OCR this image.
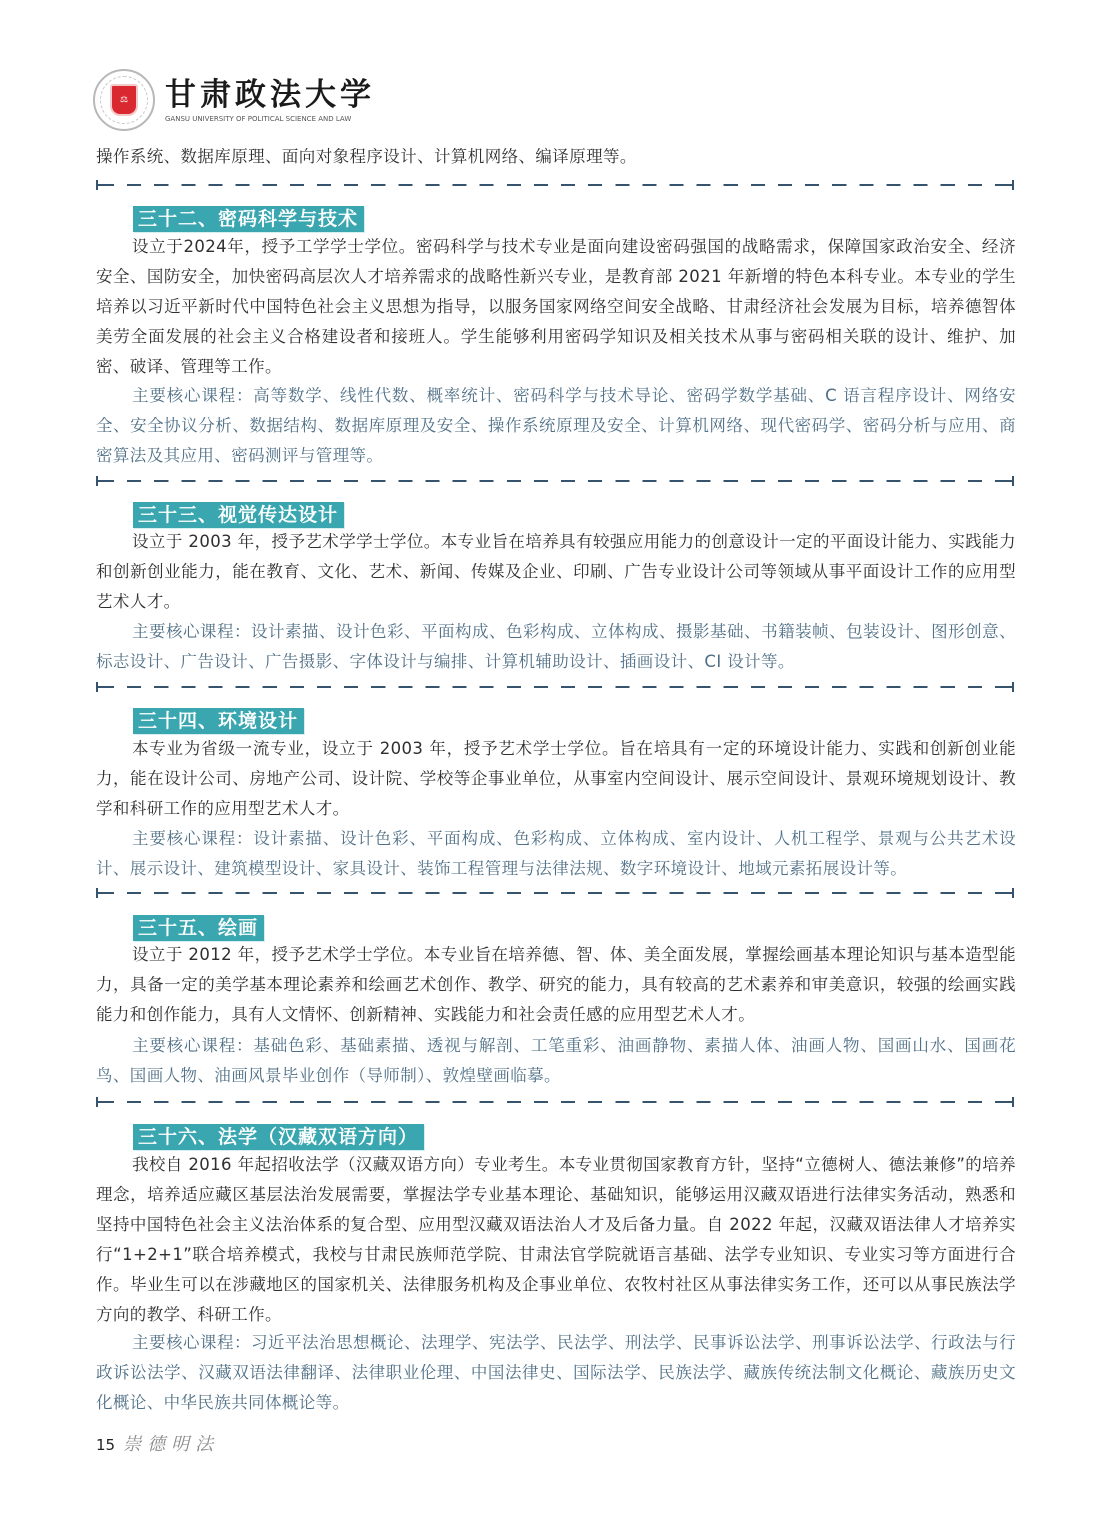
⚖	甘肃政法大学
GANSU UNIVERSITY OF POLITICAL SCIENCE AND LAW
操作系统、数据库原理、面向对象程序设计、计算机网络、编译原理等。
三十二、密码科学与技术
设立于2024年，授予工学学士学位。密码科学与技术专业是面向建设密码强国的战略需求，保障国家政治安全、经济安全、国防安全，加快密码高层次人才培养需求的战略性新兴专业，是教育部 2021 年新增的特色本科专业。本专业的学生培养以习近平新时代中国特色社会主义思想为指导，以服务国家网络空间安全战略、甘肃经济社会发展为目标，培养德智体美劳全面发展的社会主义合格建设者和接班人。学生能够利用密码学知识及相关技术从事与密码相关联的设计、维护、加密、破译、管理等工作。
主要核心课程：高等数学、线性代数、概率统计、密码科学与技术导论、密码学数学基础、C 语言程序设计、网络安全、安全协议分析、数据结构、数据库原理及安全、操作系统原理及安全、计算机网络、现代密码学、密码分析与应用、商密算法及其应用、密码测评与管理等。
三十三、视觉传达设计
设立于 2003 年，授予艺术学学士学位。本专业旨在培养具有较强应用能力的创意设计一定的平面设计能力、实践能力和创新创业能力，能在教育、文化、艺术、新闻、传媒及企业、印刷、广告专业设计公司等领域从事平面设计工作的应用型艺术人才。
主要核心课程：设计素描、设计色彩、平面构成、色彩构成、立体构成、摄影基础、书籍装帧、包装设计、图形创意、标志设计、广告设计、广告摄影、字体设计与编排、计算机辅助设计、插画设计、CI 设计等。
三十四、环境设计
本专业为省级一流专业，设立于 2003 年，授予艺术学士学位。旨在培具有一定的环境设计能力、实践和创新创业能力，能在设计公司、房地产公司、设计院、学校等企事业单位，从事室内空间设计、展示空间设计、景观环境规划设计、教学和科研工作的应用型艺术人才。
主要核心课程：设计素描、设计色彩、平面构成、色彩构成、立体构成、室内设计、人机工程学、景观与公共艺术设计、展示设计、建筑模型设计、家具设计、装饰工程管理与法律法规、数字环境设计、地域元素拓展设计等。
三十五、绘画
设立于 2012 年，授予艺术学士学位。本专业旨在培养德、智、体、美全面发展，掌握绘画基本理论知识与基本造型能力，具备一定的美学基本理论素养和绘画艺术创作、教学、研究的能力，具有较高的艺术素养和审美意识，较强的绘画实践能力和创作能力，具有人文情怀、创新精神、实践能力和社会责任感的应用型艺术人才。
主要核心课程：基础色彩、基础素描、透视与解剖、工笔重彩、油画静物、素描人体、油画人物、国画山水、国画花鸟、国画人物、油画风景毕业创作（导师制）、敦煌壁画临摹。
三十六、法学（汉藏双语方向）
我校自 2016 年起招收法学（汉藏双语方向）专业考生。本专业贯彻国家教育方针，坚持“立德树人、德法兼修”的培养理念，培养适应藏区基层法治发展需要，掌握法学专业基本理论、基础知识，能够运用汉藏双语进行法律实务活动，熟悉和坚持中国特色社会主义法治体系的复合型、应用型汉藏双语法治人才及后备力量。自 2022 年起，汉藏双语法律人才培养实行“1+2+1”联合培养模式，我校与甘肃民族师范学院、甘肃法官学院就语言基础、法学专业知识、专业实习等方面进行合作。毕业生可以在涉藏地区的国家机关、法律服务机构及企事业单位、农牧村社区从事法律实务工作，还可以从事民族法学方向的教学、科研工作。
主要核心课程：习近平法治思想概论、法理学、宪法学、民法学、刑法学、民事诉讼法学、刑事诉讼法学、行政法与行政诉讼法学、汉藏双语法律翻译、法律职业伦理、中国法律史、国际法学、民族法学、藏族传统法制文化概论、藏族历史文化概论、中华民族共同体概论等。
15 崇德明法
